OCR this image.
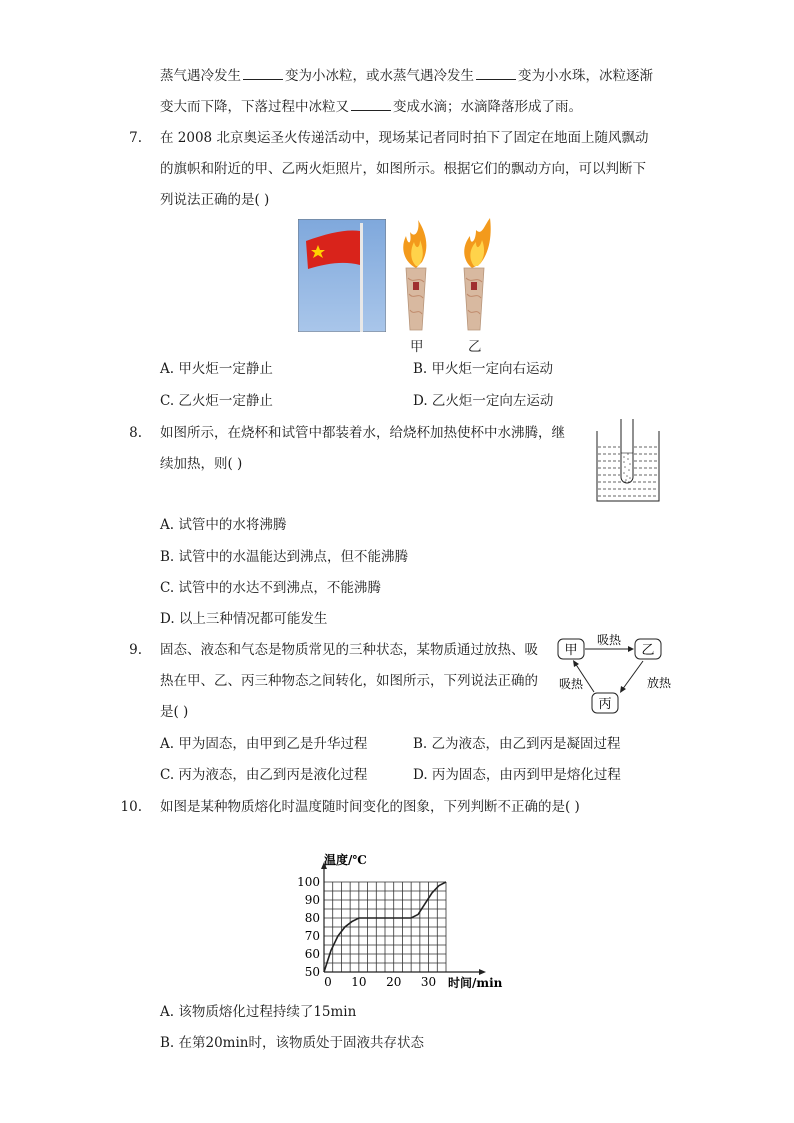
蒸气遇冷发生	变为小冰粒，或水蒸气遇冷发生	变为小水珠，冰粒逐渐
变大而下降，下落过程中冰粒又	变成水滴；水滴降落形成了雨。
7. 在 2008 北京奥运圣火传递活动中，现场某记者同时拍下了固定在地面上随风飘动
的旗帜和附近的甲、乙两火炬照片，如图所示。根据它们的飘动方向，可以判断下
列说法正确的是( )
甲	乙
A. 甲火炬一定静止	B. 甲火炬一定向右运动
C. 乙火炬一定静止	D. 乙火炬一定向左运动
8. 如图所示，在烧杯和试管中都装着水，给烧杯加热使杯中水沸腾，继
续加热，则( )
A. 试管中的水将沸腾
B. 试管中的水温能达到沸点，但不能沸腾
C. 试管中的水达不到沸点，不能沸腾
D. 以上三种情况都可能发生
9. 固态、液态和气态是物质常见的三种状态，某物质通过放热、吸
热在甲、乙、丙三种物态之间转化，如图所示，下列说法正确的
是( )
甲	乙
丙
吸热
放热
吸热
A. 甲为固态，由甲到乙是升华过程	B. 乙为液态，由乙到丙是凝固过程
C. 丙为液态，由乙到丙是液化过程	D. 丙为固态，由丙到甲是熔化过程
10. 如图是某种物质熔化时温度随时间变化的图象，下列判断不正确的是( )
50
60
70
80
90
100
0 10 20 30
温度/℃
时间/min
A. 该物质熔化过程持续了15min
B. 在第20min时，该物质处于固液共存状态
